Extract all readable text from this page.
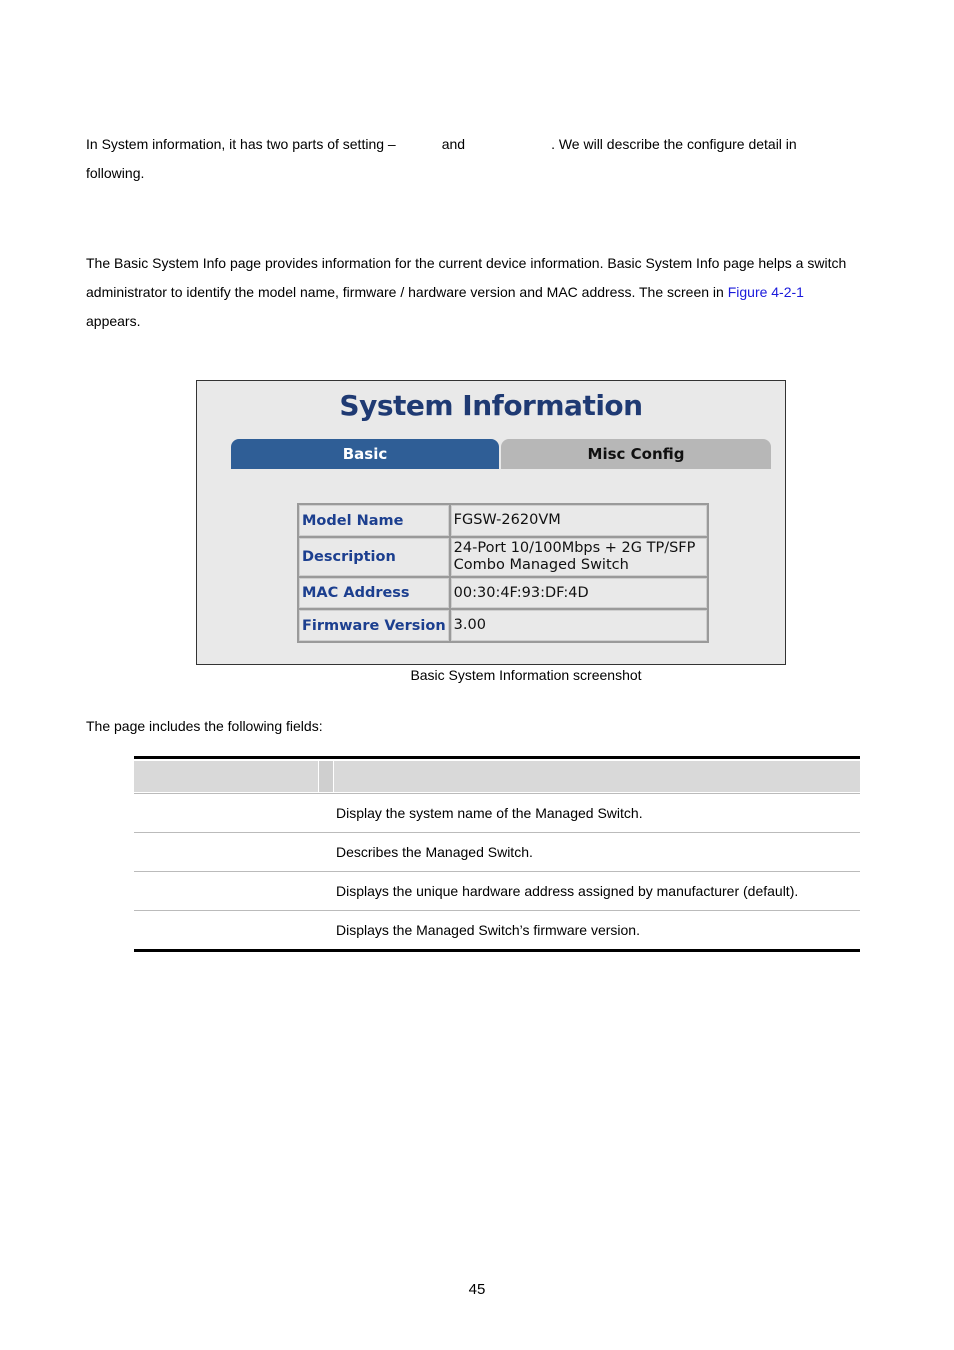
In System information, it has two parts of setting –	and	. We will describe the configure detail in
following.
The Basic System Info page provides information for the current device information. Basic System Info page helps a switch administrator to identify the model name, firmware / hardware version and MAC address. The screen in Figure 4-2-1
appears.
System Information
Basic	Misc Config
Model Name	FGSW-2620VM
Description	24-Port 10/100Mbps + 2G TP/SFP
Combo Managed Switch
MAC Address	00:30:4F:93:DF:4D
Firmware Version	3.00
Basic System Information screenshot
The page includes the following fields:
Display the system name of the Managed Switch.
Describes the Managed Switch.
Displays the unique hardware address assigned by manufacturer (default).
Displays the Managed Switch’s firmware version.
45
